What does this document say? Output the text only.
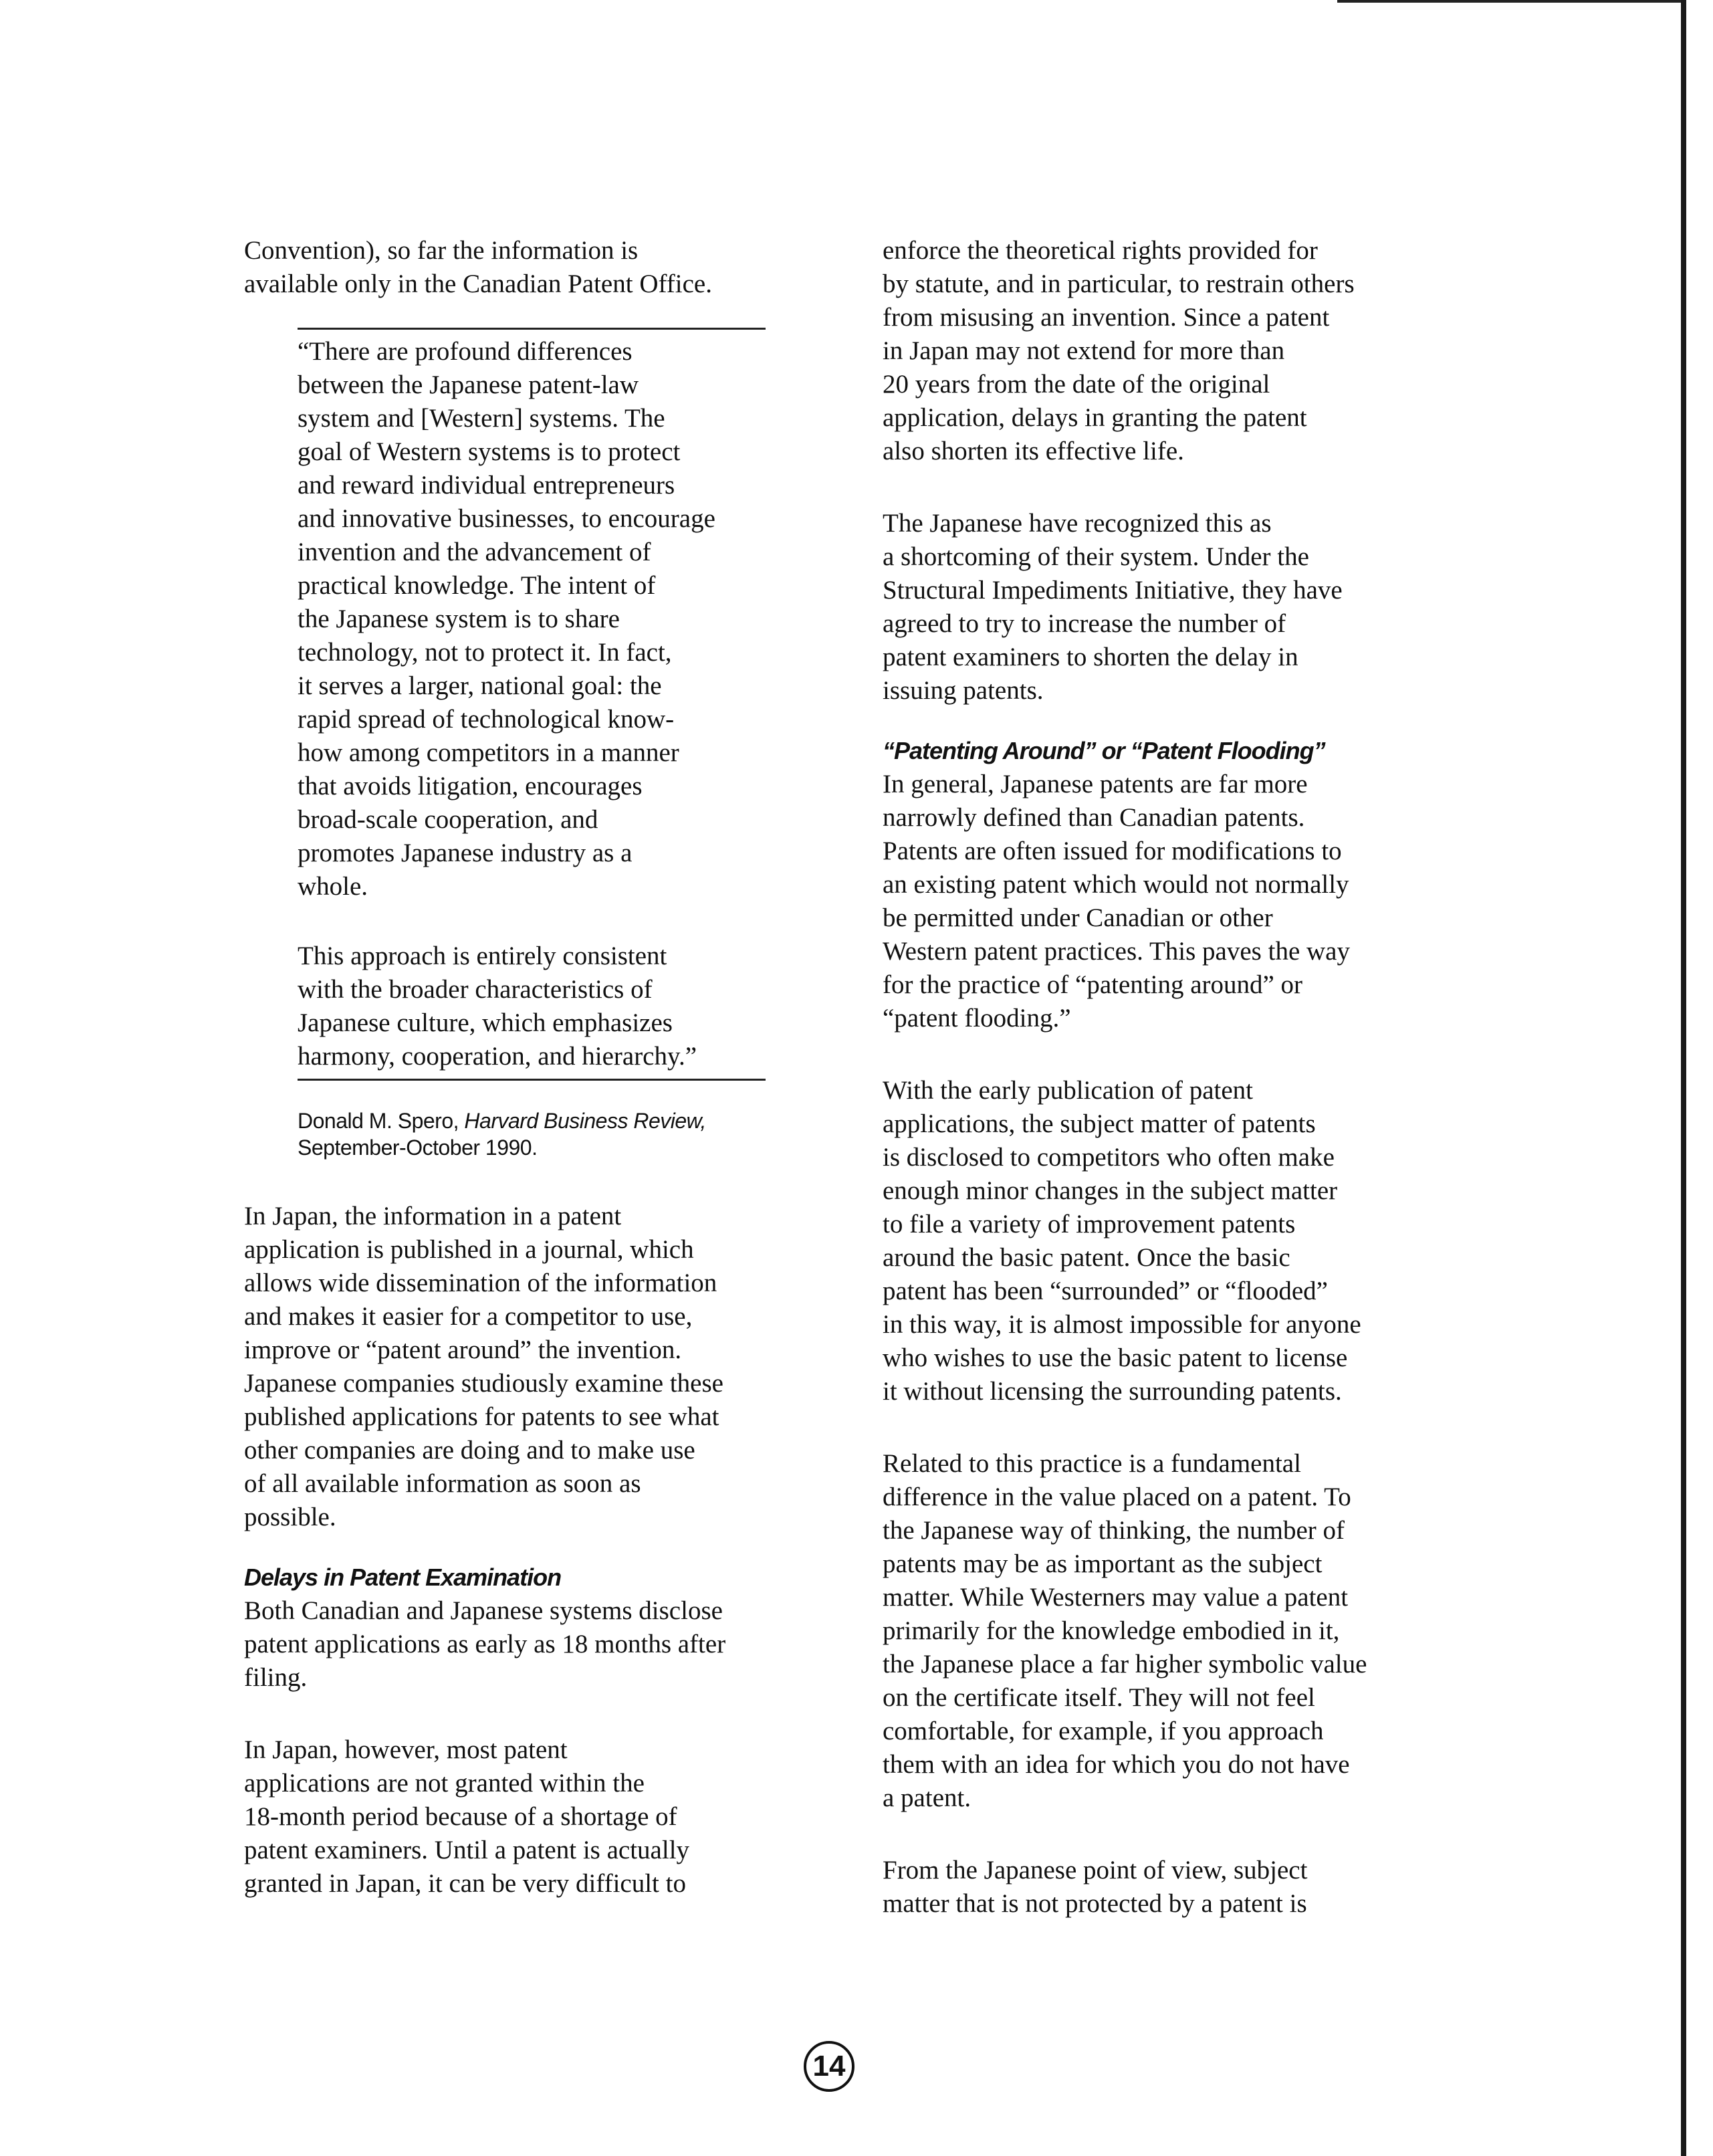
Convention), so far the information is
available only in the Canadian Patent Office.

“There are profound differences
between the Japanese patent-law
system and [Western] systems. The
goal of Western systems is to protect
and reward individual entrepreneurs
and innovative businesses, to encourage
invention and the advancement of
practical knowledge. The intent of
the Japanese system is to share
technology, not to protect it. In fact,
it serves a larger, national goal: the
rapid spread of technological know-
how among competitors in a manner
that avoids litigation, encourages
broad-scale cooperation, and
promotes Japanese industry as a
whole.

This approach is entirely consistent
with the broader characteristics of
Japanese culture, which emphasizes
harmony, cooperation, and hierarchy.”

Donald M. Spero, Harvard Business Review,
September-October 1990.

In Japan, the information in a patent
application is published in a journal, which
allows wide dissemination of the information
and makes it easier for a competitor to use,
improve or “patent around” the invention.
Japanese companies studiously examine these
published applications for patents to see what
other companies are doing and to make use
of all available information as soon as
possible.

Delays in Patent Examination

Both Canadian and Japanese systems disclose
patent applications as early as 18 months after
filing.

In Japan, however, most patent
applications are not granted within the
18-month period because of a shortage of
patent examiners. Until a patent is actually
granted in Japan, it can be very difficult to

enforce the theoretical rights provided for
by statute, and in particular, to restrain others
from misusing an invention. Since a patent
in Japan may not extend for more than
20 years from the date of the original
application, delays in granting the patent
also shorten its effective life.

The Japanese have recognized this as
a shortcoming of their system. Under the
Structural Impediments Initiative, they have
agreed to try to increase the number of
patent examiners to shorten the delay in
issuing patents.

“Patenting Around” or “Patent Flooding”

In general, Japanese patents are far more
narrowly defined than Canadian patents.
Patents are often issued for modifications to
an existing patent which would not normally
be permitted under Canadian or other
Western patent practices. This paves the way
for the practice of “patenting around” or
“patent flooding.”

With the early publication of patent
applications, the subject matter of patents
is disclosed to competitors who often make
enough minor changes in the subject matter
to file a variety of improvement patents
around the basic patent. Once the basic
patent has been “surrounded” or “flooded”
in this way, it is almost impossible for anyone
who wishes to use the basic patent to license
it without licensing the surrounding patents.

Related to this practice is a fundamental
difference in the value placed on a patent. To
the Japanese way of thinking, the number of
patents may be as important as the subject
matter. While Westerners may value a patent
primarily for the knowledge embodied in it,
the Japanese place a far higher symbolic value
on the certificate itself. They will not feel
comfortable, for example, if you approach
them with an idea for which you do not have
a patent.

From the Japanese point of view, subject
matter that is not protected by a patent is

14
